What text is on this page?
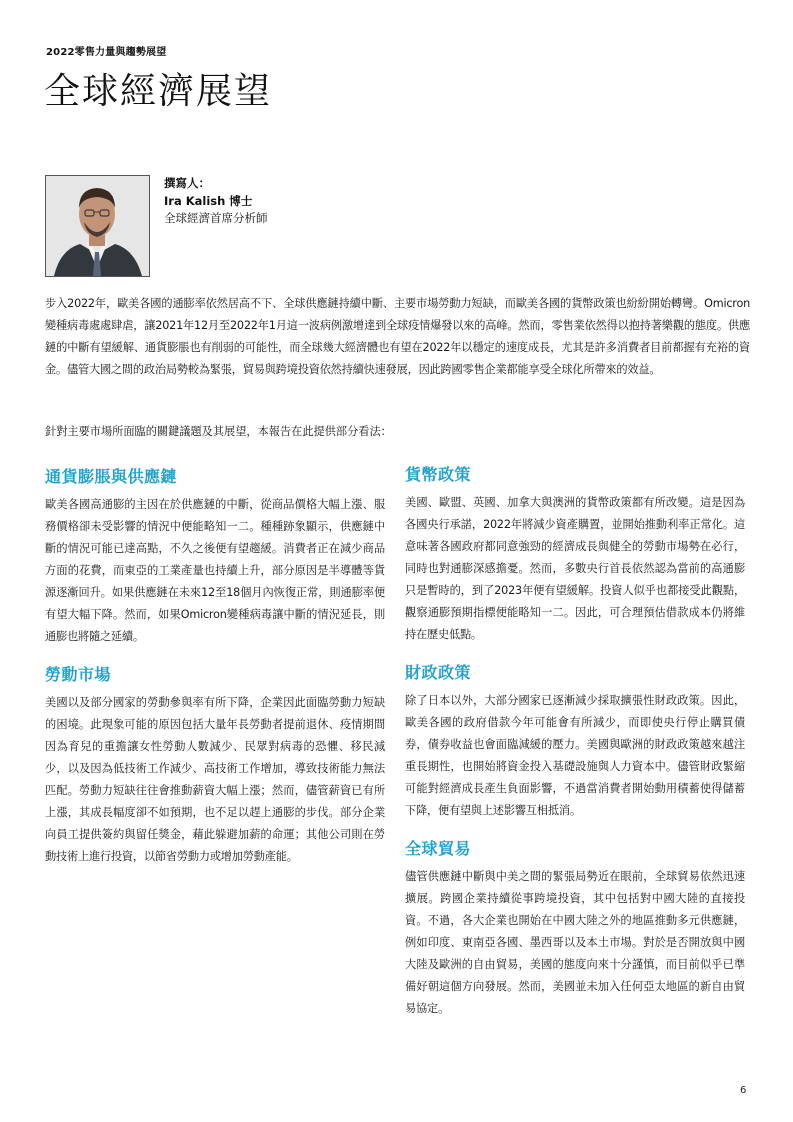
2022零售力量與趨勢展望
全球經濟展望
撰寫人：
Ira Kalish 博士
全球經濟首席分析師

步入2022年，歐美各國的通膨率依然居高不下、全球供應鏈持續中斷、主要市場勞動力短缺，而歐美各國的貨幣政策也紛紛開始轉彎。Omicron變種病毒處處肆虐，讓2021年12月至2022年1月這一波病例激增達到全球疫情爆發以來的高峰。然而，零售業依然得以抱持著樂觀的態度。供應鏈的中斷有望緩解、通貨膨脹也有削弱的可能性，而全球幾大經濟體也有望在2022年以穩定的速度成長，尤其是許多消費者目前都握有充裕的資金。儘管大國之間的政治局勢較為緊張，貿易與跨境投資依然持續快速發展，因此跨國零售企業都能享受全球化所帶來的效益。

針對主要市場所面臨的關鍵議題及其展望，本報告在此提供部分看法：

通貨膨脹與供應鏈

歐美各國高通膨的主因在於供應鏈的中斷，從商品價格大幅上漲、服務價格卻未受影響的情況中便能略知一二。種種跡象顯示，供應鏈中斷的情況可能已達高點，不久之後便有望趨緩。消費者正在減少商品方面的花費，而東亞的工業產量也持續上升，部分原因是半導體等貨源逐漸回升。如果供應鏈在未來12至18個月內恢復正常，則通膨率便有望大幅下降。然而，如果Omicron變種病毒讓中斷的情況延長，則通膨也將隨之延續。

勞動市場

美國以及部分國家的勞動參與率有所下降，企業因此面臨勞動力短缺的困境。此現象可能的原因包括大量年長勞動者提前退休、疫情期間因為育兒的重擔讓女性勞動人數減少、民眾對病毒的恐懼、移民減少，以及因為低技術工作減少、高技術工作增加，導致技術能力無法匹配。勞動力短缺往往會推動薪資大幅上漲；然而，儘管薪資已有所上漲，其成長幅度卻不如預期，也不足以趕上通膨的步伐。部分企業向員工提供簽約與留任獎金，藉此躲避加薪的命運；其他公司則在勞動技術上進行投資，以節省勞動力或增加勞動產能。

貨幣政策

美國、歐盟、英國、加拿大與澳洲的貨幣政策都有所改變。這是因為各國央行承諾，2022年將減少資產購置，並開始推動利率正常化。這意味著各國政府都同意強勁的經濟成長與健全的勞動市場勢在必行，同時也對通膨深感擔憂。然而，多數央行首長依然認為當前的高通膨只是暫時的，到了2023年便有望緩解。投資人似乎也都接受此觀點，觀察通膨預期指標便能略知一二。因此，可合理預估借款成本仍將維持在歷史低點。

財政政策

除了日本以外，大部分國家已逐漸減少採取擴張性財政政策。因此，歐美各國的政府借款今年可能會有所減少，而即使央行停止購買債券，債券收益也會面臨減緩的壓力。美國與歐洲的財政政策越來越注重長期性，也開始將資金投入基礎設施與人力資本中。儘管財政緊縮可能對經濟成長產生負面影響，不過當消費者開始動用積蓄使得儲蓄下降，便有望與上述影響互相抵消。

全球貿易

儘管供應鏈中斷與中美之間的緊張局勢近在眼前，全球貿易依然迅速擴展。跨國企業持續從事跨境投資，其中包括對中國大陸的直接投資。不過，各大企業也開始在中國大陸之外的地區推動多元供應鏈，例如印度、東南亞各國、墨西哥以及本土市場。對於是否開放與中國大陸及歐洲的自由貿易，美國的態度向來十分謹慎，而目前似乎已準備好朝這個方向發展。然而，美國並未加入任何亞太地區的新自由貿易協定。

6
